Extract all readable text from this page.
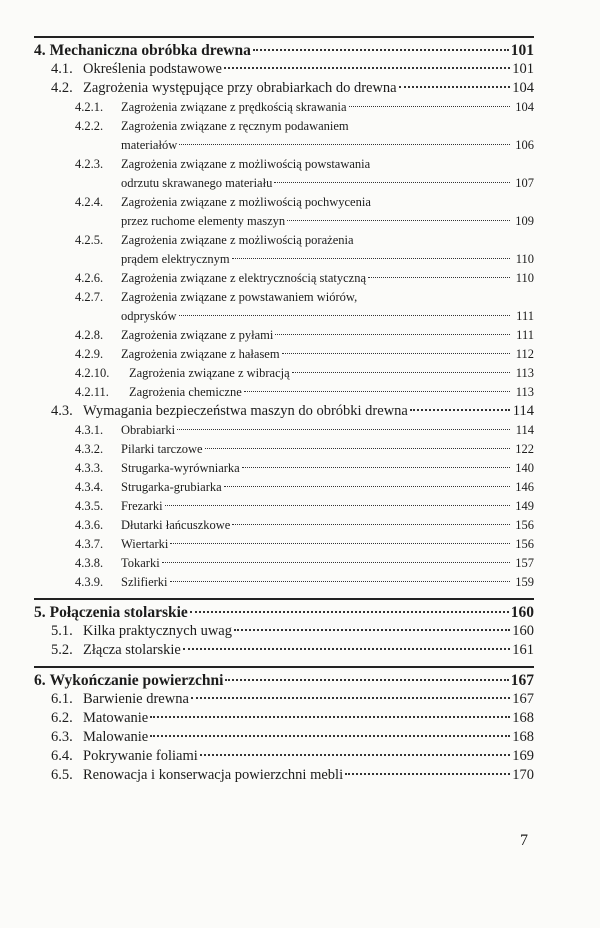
4. Mechaniczna obróbka drewna	101
4.1. Określenia podstawowe	101
4.2. Zagrożenia występujące przy obrabiarkach do drewna	104
4.2.1.	Zagrożenia związane z prędkością skrawania	104
4.2.2.	Zagrożenia związane z ręcznym podawaniem
materiałów	106
4.2.3.	Zagrożenia związane z możliwością powstawania
odrzutu skrawanego materiału	107
4.2.4.	Zagrożenia związane z możliwością pochwycenia
przez ruchome elementy maszyn	109
4.2.5.	Zagrożenia związane z możliwością porażenia
prądem elektrycznym	110
4.2.6.	Zagrożenia związane z elektrycznością statyczną	110
4.2.7.	Zagrożenia związane z powstawaniem wiórów,
odprysków	111
4.2.8.	Zagrożenia związane z pyłami	111
4.2.9.	Zagrożenia związane z hałasem	112
4.2.10.	Zagrożenia związane z wibracją	113
4.2.11.	Zagrożenia chemiczne	113
4.3. Wymagania bezpieczeństwa maszyn do obróbki drewna	114
4.3.1.	Obrabiarki	114
4.3.2.	Pilarki tarczowe	122
4.3.3.	Strugarka-wyrówniarka	140
4.3.4.	Strugarka-grubiarka	146
4.3.5.	Frezarki	149
4.3.6.	Dłutarki łańcuszkowe	156
4.3.7.	Wiertarki	156
4.3.8.	Tokarki	157
4.3.9.	Szlifierki	159
5. Połączenia stolarskie	160
5.1. Kilka praktycznych uwag	160
5.2. Złącza stolarskie	161
6. Wykończanie powierzchni	167
6.1. Barwienie drewna	167
6.2. Matowanie	168
6.3. Malowanie	168
6.4. Pokrywanie foliami	169
6.5. Renowacja i konserwacja powierzchni mebli	170
7
